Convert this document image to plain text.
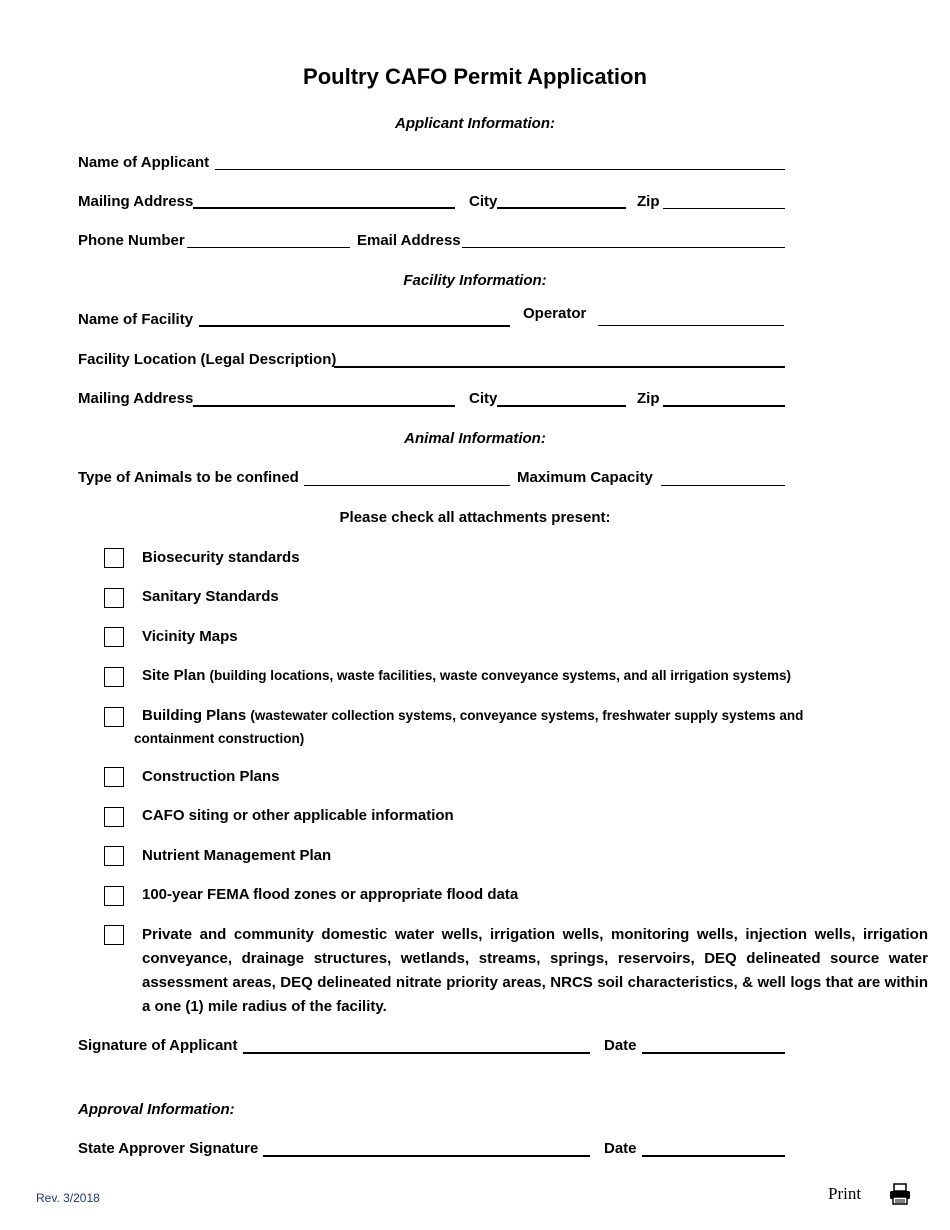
Poultry CAFO Permit Application
Applicant Information:
Name of Applicant
Mailing Address	City	Zip
Phone Number	Email Address
Facility Information:
Name of Facility	Operator
Facility Location (Legal Description)
Mailing Address	City	Zip
Animal Information:
Type of Animals to be confined	Maximum Capacity
Please check all attachments present:
Biosecurity standards
Sanitary Standards
Vicinity Maps
Site Plan (building locations, waste facilities, waste conveyance systems, and all irrigation systems)
Building Plans (wastewater collection systems, conveyance systems, freshwater supply systems and
containment construction)
Construction Plans
CAFO siting or other applicable information
Nutrient Management Plan
100-year FEMA flood zones or appropriate flood data
Private and community domestic water wells, irrigation wells, monitoring wells, injection wells, irrigation conveyance, drainage structures, wetlands, streams, springs, reservoirs, DEQ delineated source water assessment areas, DEQ delineated nitrate priority areas, NRCS soil characteristics, & well logs that are within a one (1) mile radius of the facility.
Signature of Applicant	Date
Approval Information:
State Approver Signature	Date
Rev. 3/2018	Print
